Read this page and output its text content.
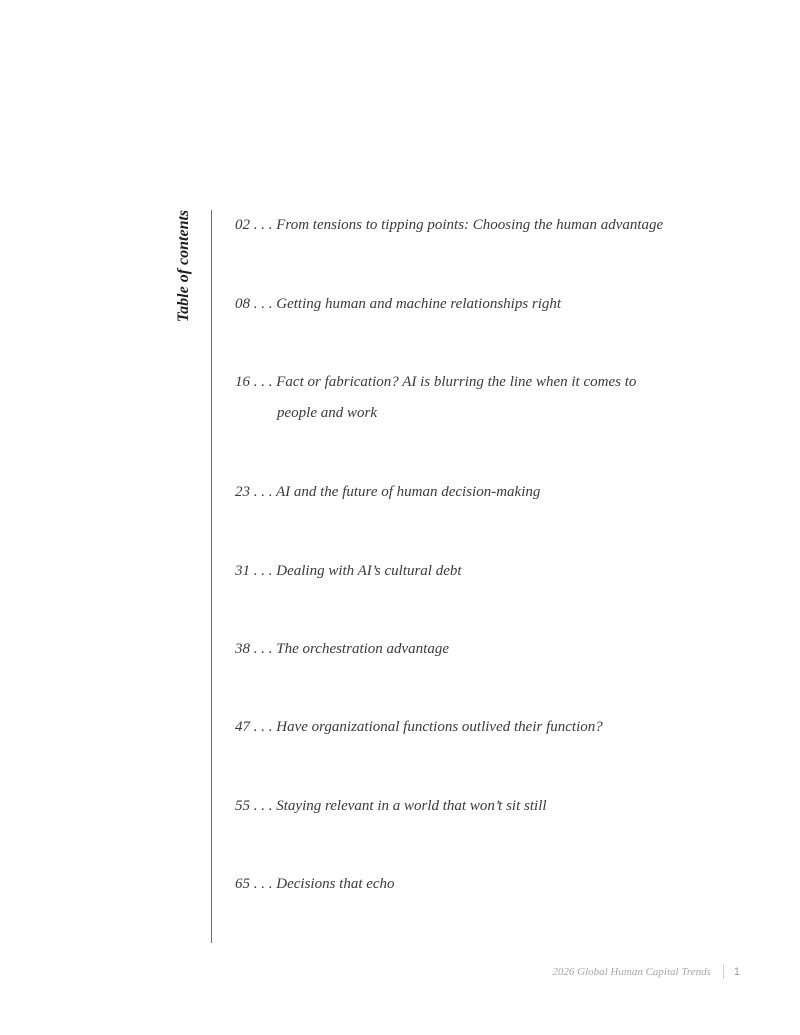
Table of contents	02 . . . From tensions to tipping points: Choosing the human advantage
08 . . . Getting human and machine relationships right
16 . . . Fact or fabrication? AI is blurring the line when it comes to
people and work
23 . . . AI and the future of human decision-making
31 . . . Dealing with AI’s cultural debt
38 . . . The orchestration advantage
47 . . . Have organizational functions outlived their function?
55 . . . Staying relevant in a world that won’t sit still
65 . . . Decisions that echo
2026 Global Human Capital Trends 1
